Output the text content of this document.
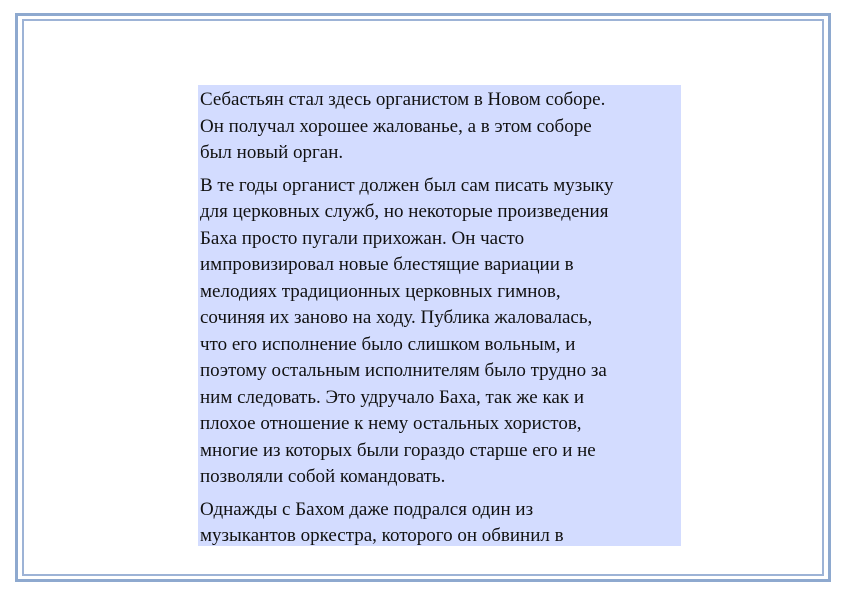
Себастьян стал здесь органистом в Новом соборе.
Он получал хорошее жалованье, а в этом соборе
был новый орган.

В те годы органист должен был сам писать музыку
для церковных служб, но некоторые произведения
Баха просто пугали прихожан. Он часто
импровизировал новые блестящие вариации в
мелодиях традиционных церковных гимнов,
сочиняя их заново на ходу. Публика жаловалась,
что его исполнение было слишком вольным, и
поэтому остальным исполнителям было трудно за
ним следовать. Это удручало Баха, так же как и
плохое отношение к нему остальных хористов,
многие из которых были гораздо старше его и не
позволяли собой командовать.

Однажды с Бахом даже подрался один из
музыкантов оркестра, которого он обвинил в
